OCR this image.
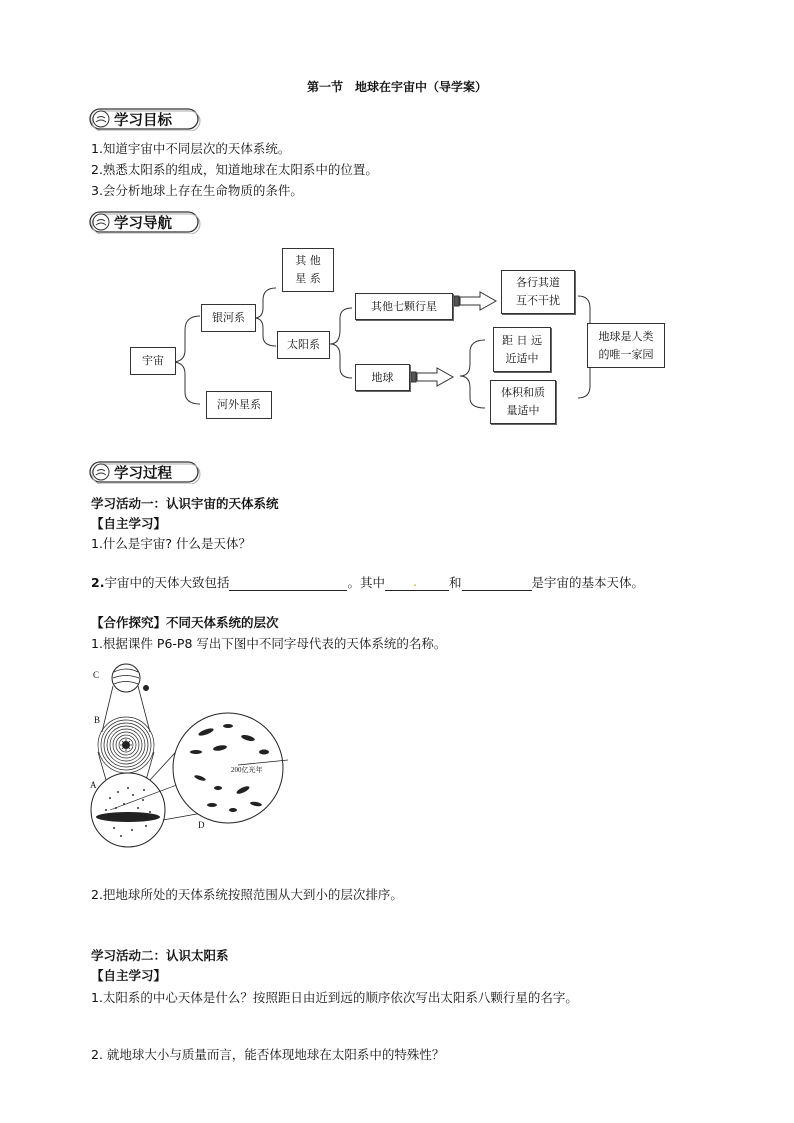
第一节　地球在宇宙中（导学案）
学习目标
1.知道宇宙中不同层次的天体系统。
2.熟悉太阳系的组成，知道地球在太阳系中的位置。
3.会分析地球上存在生命物质的条件。
学习导航
宇宙
银河系
河外星系
其 他
星 系
太阳系
其他七颗行星
地球
各行其道
互不干扰
距 日 远
近适中
体积和质
量适中
地球是人类
的唯一家园
学习过程
学习活动一：认识宇宙的天体系统
【自主学习】
1.什么是宇宙? 什么是天体？
2.宇宙中的天体大致包括	。其中 .	和	是宇宙的基本天体。
【合作探究】不同天体系统的层次
1.根据课件 P6-P8 写出下图中不同字母代表的天体系统的名称。
C
B
A
D
200亿光年
2.把地球所处的天体系统按照范围从大到小的层次排序。
学习活动二：认识太阳系
【自主学习】
1.太阳系的中心天体是什么？按照距日由近到远的顺序依次写出太阳系八颗行星的名字。
2. 就地球大小与质量而言，能否体现地球在太阳系中的特殊性？
